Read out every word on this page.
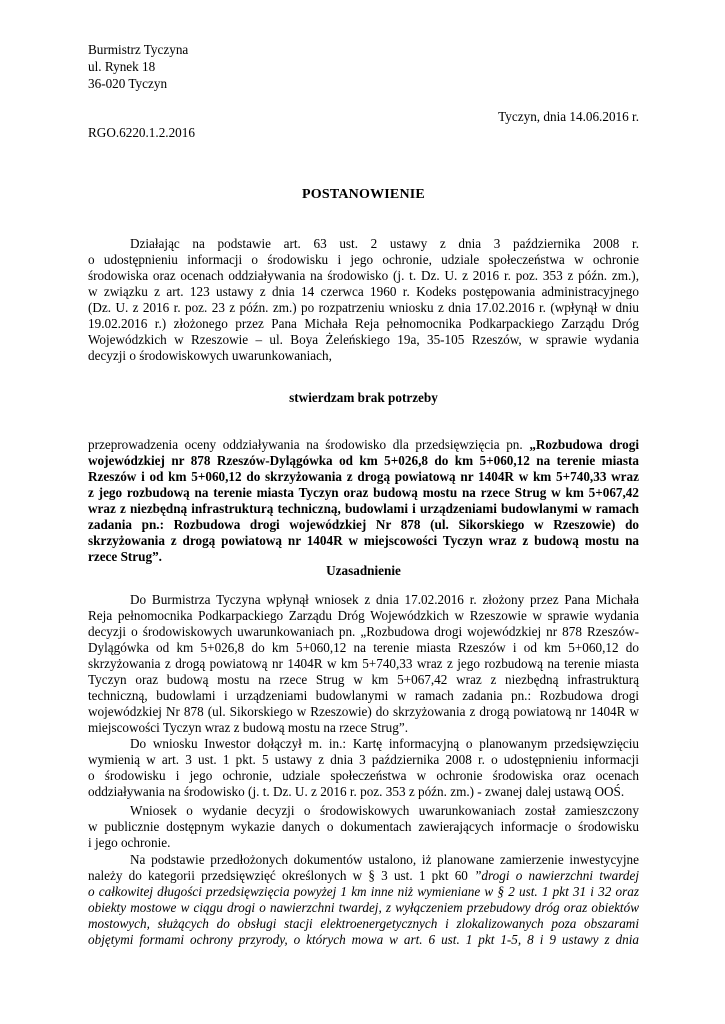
Burmistrz Tyczyna
ul. Rynek 18
36-020 Tyczyn
Tyczyn, dnia 14.06.2016 r.
RGO.6220.1.2.2016
POSTANOWIENIE
Działając na podstawie art. 63 ust. 2 ustawy z dnia 3 października 2008 r.
o udostępnieniu informacji o środowisku i jego ochronie, udziale społeczeństwa w ochronie
środowiska oraz ocenach oddziaływania na środowisko (j. t. Dz. U. z 2016 r. poz. 353 z późn. zm.),
w związku z art. 123 ustawy z dnia 14 czerwca 1960 r. Kodeks postępowania administracyjnego
(Dz. U. z 2016 r. poz. 23 z późn. zm.) po rozpatrzeniu wniosku z dnia 17.02.2016 r. (wpłynął w dniu
19.02.2016 r.) złożonego przez Pana Michała Reja pełnomocnika Podkarpackiego Zarządu Dróg
Wojewódzkich w Rzeszowie – ul. Boya Żeleńskiego 19a, 35-105 Rzeszów, w sprawie wydania
decyzji o środowiskowych uwarunkowaniach,
stwierdzam brak potrzeby
przeprowadzenia oceny oddziaływania na środowisko dla przedsięwzięcia pn. „Rozbudowa drogi
wojewódzkiej nr 878 Rzeszów-Dylągówka od km 5+026,8 do km 5+060,12 na terenie miasta
Rzeszów i od km 5+060,12 do skrzyżowania z drogą powiatową nr 1404R w km 5+740,33 wraz
z jego rozbudową na terenie miasta Tyczyn oraz budową mostu na rzece Strug w km 5+067,42
wraz z niezbędną infrastrukturą techniczną, budowlami i urządzeniami budowlanymi w ramach
zadania pn.: Rozbudowa drogi wojewódzkiej Nr 878 (ul. Sikorskiego w Rzeszowie) do
skrzyżowania z drogą powiatową nr 1404R w miejscowości Tyczyn wraz z budową mostu na
rzece Strug”.
Uzasadnienie
Do Burmistrza Tyczyna wpłynął wniosek z dnia 17.02.2016 r. złożony przez Pana Michała
Reja pełnomocnika Podkarpackiego Zarządu Dróg Wojewódzkich w Rzeszowie w sprawie wydania
decyzji o środowiskowych uwarunkowaniach pn. „Rozbudowa drogi wojewódzkiej nr 878 Rzeszów-
Dylągówka od km 5+026,8 do km 5+060,12 na terenie miasta Rzeszów i od km 5+060,12 do
skrzyżowania z drogą powiatową nr 1404R w km 5+740,33 wraz z jego rozbudową na terenie miasta
Tyczyn oraz budową mostu na rzece Strug w km 5+067,42 wraz z niezbędną infrastrukturą
techniczną, budowlami i urządzeniami budowlanymi w ramach zadania pn.: Rozbudowa drogi
wojewódzkiej Nr 878 (ul. Sikorskiego w Rzeszowie) do skrzyżowania z drogą powiatową nr 1404R w
miejscowości Tyczyn wraz z budową mostu na rzece Strug”.
Do wniosku Inwestor dołączył m. in.: Kartę informacyjną o planowanym przedsięwzięciu
wymienią w art. 3 ust. 1 pkt. 5 ustawy z dnia 3 października 2008 r. o udostępnieniu informacji
o środowisku i jego ochronie, udziale społeczeństwa w ochronie środowiska oraz ocenach
oddziaływania na środowisko (j. t. Dz. U. z 2016 r. poz. 353 z późn. zm.) - zwanej dalej ustawą OOŚ.
Wniosek o wydanie decyzji o środowiskowych uwarunkowaniach został zamieszczony
w publicznie dostępnym wykazie danych o dokumentach zawierających informacje o środowisku
i jego ochronie.
Na podstawie przedłożonych dokumentów ustalono, iż planowane zamierzenie inwestycyjne
należy do kategorii przedsięwzięć określonych w § 3 ust. 1 pkt 60 ”drogi o nawierzchni twardej
o całkowitej długości przedsięwzięcia powyżej 1 km inne niż wymieniane w § 2 ust. 1 pkt 31 i 32 oraz
obiekty mostowe w ciągu drogi o nawierzchni twardej, z wyłączeniem przebudowy dróg oraz obiektów
mostowych, służących do obsługi stacji elektroenergetycznych i zlokalizowanych poza obszarami
objętymi formami ochrony przyrody, o których mowa w art. 6 ust. 1 pkt 1-5, 8 i 9 ustawy z dnia
